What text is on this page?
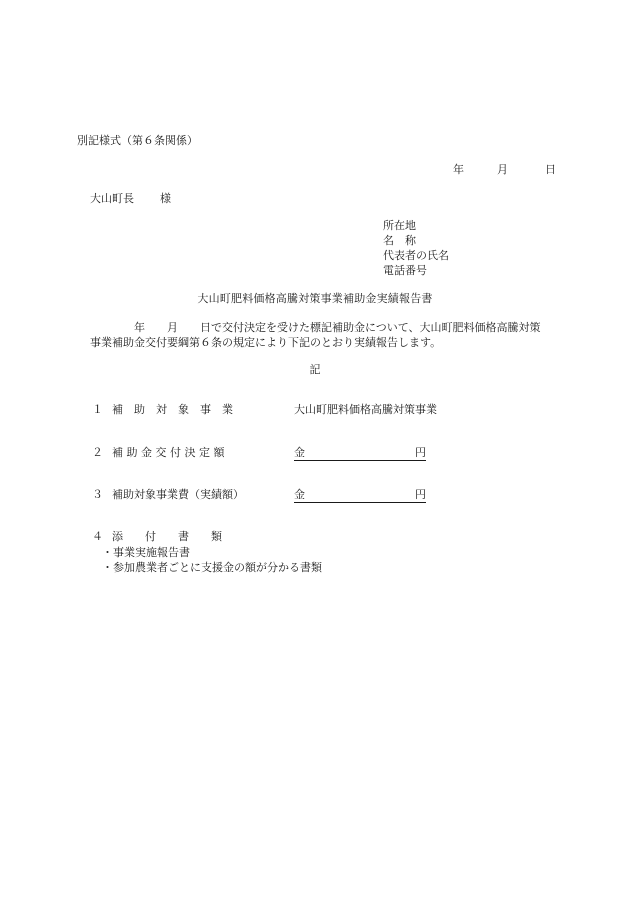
別記様式（第６条関係）
年	月	日
大山町長 様
所在地
名　称
代表者の氏名
電話番号
大山町肥料価格高騰対策事業補助金実績報告書
年　　月　　日で交付決定を受けた標記補助金について、大山町肥料価格高騰対策
事業補助金交付要綱第６条の規定により下記のとおり実績報告します。
記
１ 補　助　対　象　事　業	大山町肥料価格高騰対策事業
２ 補 助 金 交 付 決 定 額	金	円
３ 補助対象事業費（実績額）	金	円
４ 添　　付　　書　　類
・事業実施報告書
・参加農業者ごとに支援金の額が分かる書類
